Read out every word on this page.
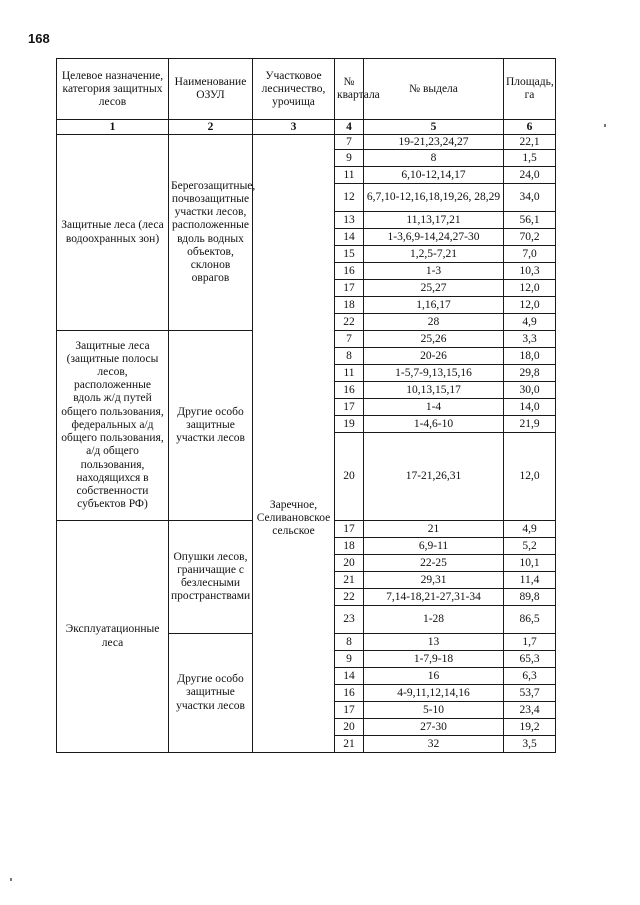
168
Целевое назначение, категория защитных лесов	Наименование ОЗУЛ	Участковое лесничество, урочища	№ квартала	№ выдела	Площадь, га
1	2	3	4	5	6
Защитные леса (леса водоохранных зон)	Берегозащитные, почвозащитные участки лесов, расположенные вдоль водных объектов, склонов оврагов	Заречное, Селивановское сельское	7	19-21,23,24,27	22,1
			9	8	1,5
			11	6,10-12,14,17	24,0
			12	6,7,10-12,16,18,19,26, 28,29	34,0
			13	11,13,17,21	56,1
			14	1-3,6,9-14,24,27-30	70,2
			15	1,2,5-7,21	7,0
			16	1-3	10,3
			17	25,27	12,0
			18	1,16,17	12,0
			22	28	4,9
Защитные леса (защитные полосы лесов, расположенные вдоль ж/д путей общего пользования, федеральных а/д общего пользования, а/д общего пользования, находящихся в собственности субъектов РФ)	Другие особо защитные участки лесов		7	25,26	3,3
			8	20-26	18,0
			11	1-5,7-9,13,15,16	29,8
			16	10,13,15,17	30,0
			17	1-4	14,0
			19	1-4,6-10	21,9
			20	17-21,26,31	12,0
Эксплуатационные леса	Опушки лесов, граничащие с безлесными пространствами		17	21	4,9
			18	6,9-11	5,2
			20	22-25	10,1
			21	29,31	11,4
			22	7,14-18,21-27,31-34	89,8
			23	1-28	86,5
	Другие особо защитные участки лесов		8	13	1,7
			9	1-7,9-18	65,3
			14	16	6,3
			16	4-9,11,12,14,16	53,7
			17	5-10	23,4
			20	27-30	19,2
			21	32	3,5
